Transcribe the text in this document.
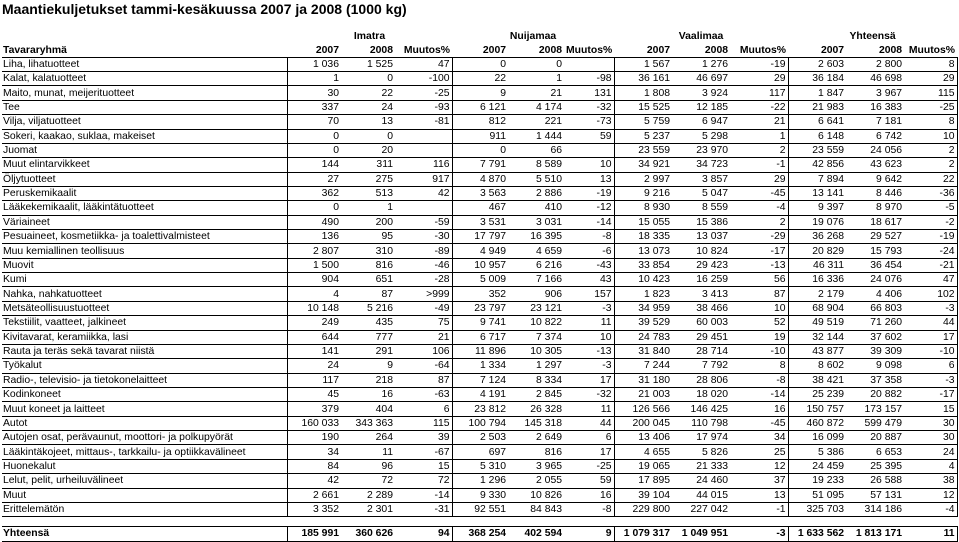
Maantiekuljetukset tammi-kesäkuussa 2007 ja 2008 (1000 kg)
	Imatra			Nuijamaa			Vaalimaa			Yhteensä		
Tavararyhmä	2007	2008	Muutos%	2007	2008	Muutos%	2007	2008	Muutos%	2007	2008	Muutos%
Liha, lihatuotteet	1 036	1 525	47	0	0		1 567	1 276	-19	2 603	2 800	8
Kalat, kalatuotteet	1	0	-100	22	1	-98	36 161	46 697	29	36 184	46 698	29
Maito, munat, meijerituotteet	30	22	-25	9	21	131	1 808	3 924	117	1 847	3 967	115
Tee	337	24	-93	6 121	4 174	-32	15 525	12 185	-22	21 983	16 383	-25
Vilja, viljatuotteet	70	13	-81	812	221	-73	5 759	6 947	21	6 641	7 181	8
Sokeri, kaakao, suklaa, makeiset	0	0		911	1 444	59	5 237	5 298	1	6 148	6 742	10
Juomat	0	20		0	66		23 559	23 970	2	23 559	24 056	2
Muut elintarvikkeet	144	311	116	7 791	8 589	10	34 921	34 723	-1	42 856	43 623	2
Öljytuotteet	27	275	917	4 870	5 510	13	2 997	3 857	29	7 894	9 642	22
Peruskemikaalit	362	513	42	3 563	2 886	-19	9 216	5 047	-45	13 141	8 446	-36
Lääkekemikaalit, lääkintätuotteet	0	1		467	410	-12	8 930	8 559	-4	9 397	8 970	-5
Väriaineet	490	200	-59	3 531	3 031	-14	15 055	15 386	2	19 076	18 617	-2
Pesuaineet, kosmetiikka- ja toalettivalmisteet	136	95	-30	17 797	16 395	-8	18 335	13 037	-29	36 268	29 527	-19
Muu kemiallinen teollisuus	2 807	310	-89	4 949	4 659	-6	13 073	10 824	-17	20 829	15 793	-24
Muovit	1 500	816	-46	10 957	6 216	-43	33 854	29 423	-13	46 311	36 454	-21
Kumi	904	651	-28	5 009	7 166	43	10 423	16 259	56	16 336	24 076	47
Nahka, nahkatuotteet	4	87	>999	352	906	157	1 823	3 413	87	2 179	4 406	102
Metsäteollisuustuotteet	10 148	5 216	-49	23 797	23 121	-3	34 959	38 466	10	68 904	66 803	-3
Tekstiilit, vaatteet, jalkineet	249	435	75	9 741	10 822	11	39 529	60 003	52	49 519	71 260	44
Kivitavarat, keramiikka, lasi	644	777	21	6 717	7 374	10	24 783	29 451	19	32 144	37 602	17
Rauta ja teräs sekä tavarat niistä	141	291	106	11 896	10 305	-13	31 840	28 714	-10	43 877	39 309	-10
Työkalut	24	9	-64	1 334	1 297	-3	7 244	7 792	8	8 602	9 098	6
Radio-, televisio- ja tietokonelaitteet	117	218	87	7 124	8 334	17	31 180	28 806	-8	38 421	37 358	-3
Kodinkoneet	45	16	-63	4 191	2 845	-32	21 003	18 020	-14	25 239	20 882	-17
Muut koneet ja laitteet	379	404	6	23 812	26 328	11	126 566	146 425	16	150 757	173 157	15
Autot	160 033	343 363	115	100 794	145 318	44	200 045	110 798	-45	460 872	599 479	30
Autojen osat, perävaunut, moottori- ja polkupyörät	190	264	39	2 503	2 649	6	13 406	17 974	34	16 099	20 887	30
Lääkintäkojeet, mittaus-, tarkkailu- ja optiikkavälineet	34	11	-67	697	816	17	4 655	5 826	25	5 386	6 653	24
Huonekalut	84	96	15	5 310	3 965	-25	19 065	21 333	12	24 459	25 395	4
Lelut, pelit, urheiluvälineet	42	72	72	1 296	2 055	59	17 895	24 460	37	19 233	26 588	38
Muut	2 661	2 289	-14	9 330	10 826	16	39 104	44 015	13	51 095	57 131	12
Erittelemätön	3 352	2 301	-31	92 551	84 843	-8	229 800	227 042	-1	325 703	314 186	-4

Yhteensä	185 991	360 626	94	368 254	402 594	9	1 079 317	1 049 951	-3	1 633 562	1 813 171	11
